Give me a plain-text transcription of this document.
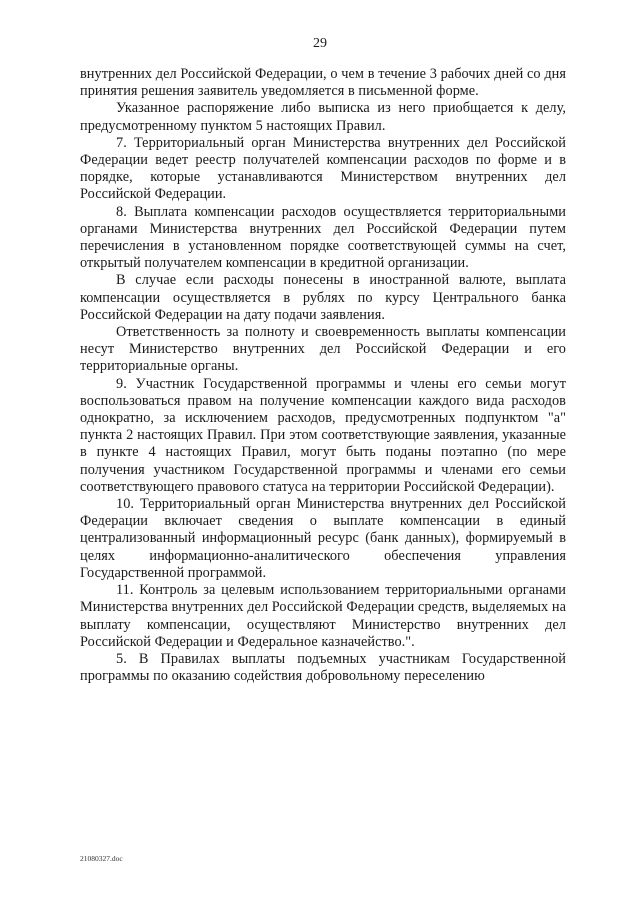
29

внутренних дел Российской Федерации, о чем в течение 3 рабочих дней со дня принятия решения заявитель уведомляется в письменной форме.

Указанное распоряжение либо выписка из него приобщается к делу, предусмотренному пунктом 5 настоящих Правил.

7. Территориальный орган Министерства внутренних дел Российской Федерации ведет реестр получателей компенсации расходов по форме и в порядке, которые устанавливаются Министерством внутренних дел Российской Федерации.

8. Выплата компенсации расходов осуществляется территориальными органами Министерства внутренних дел Российской Федерации путем перечисления в установленном порядке соответствующей суммы на счет, открытый получателем компенсации в кредитной организации.

В случае если расходы понесены в иностранной валюте, выплата компенсации осуществляется в рублях по курсу Центрального банка Российской Федерации на дату подачи заявления.

Ответственность за полноту и своевременность выплаты компенсации несут Министерство внутренних дел Российской Федерации и его территориальные органы.

9. Участник Государственной программы и члены его семьи могут воспользоваться правом на получение компенсации каждого вида расходов однократно, за исключением расходов, предусмотренных подпунктом "а" пункта 2 настоящих Правил. При этом соответствующие заявления, указанные в пункте 4 настоящих Правил, могут быть поданы поэтапно (по мере получения участником Государственной программы и членами его семьи соответствующего правового статуса на территории Российской Федерации).

10. Территориальный орган Министерства внутренних дел Российской Федерации включает сведения о выплате компенсации в единый централизованный информационный ресурс (банк данных), формируемый в целях информационно-аналитического обеспечения управления Государственной программой.

11. Контроль за целевым использованием территориальными органами Министерства внутренних дел Российской Федерации средств, выделяемых на выплату компенсации, осуществляют Министерство внутренних дел Российской Федерации и Федеральное казначейство.".

5. В Правилах выплаты подъемных участникам Государственной программы по оказанию содействия добровольному переселению

21080327.doc
